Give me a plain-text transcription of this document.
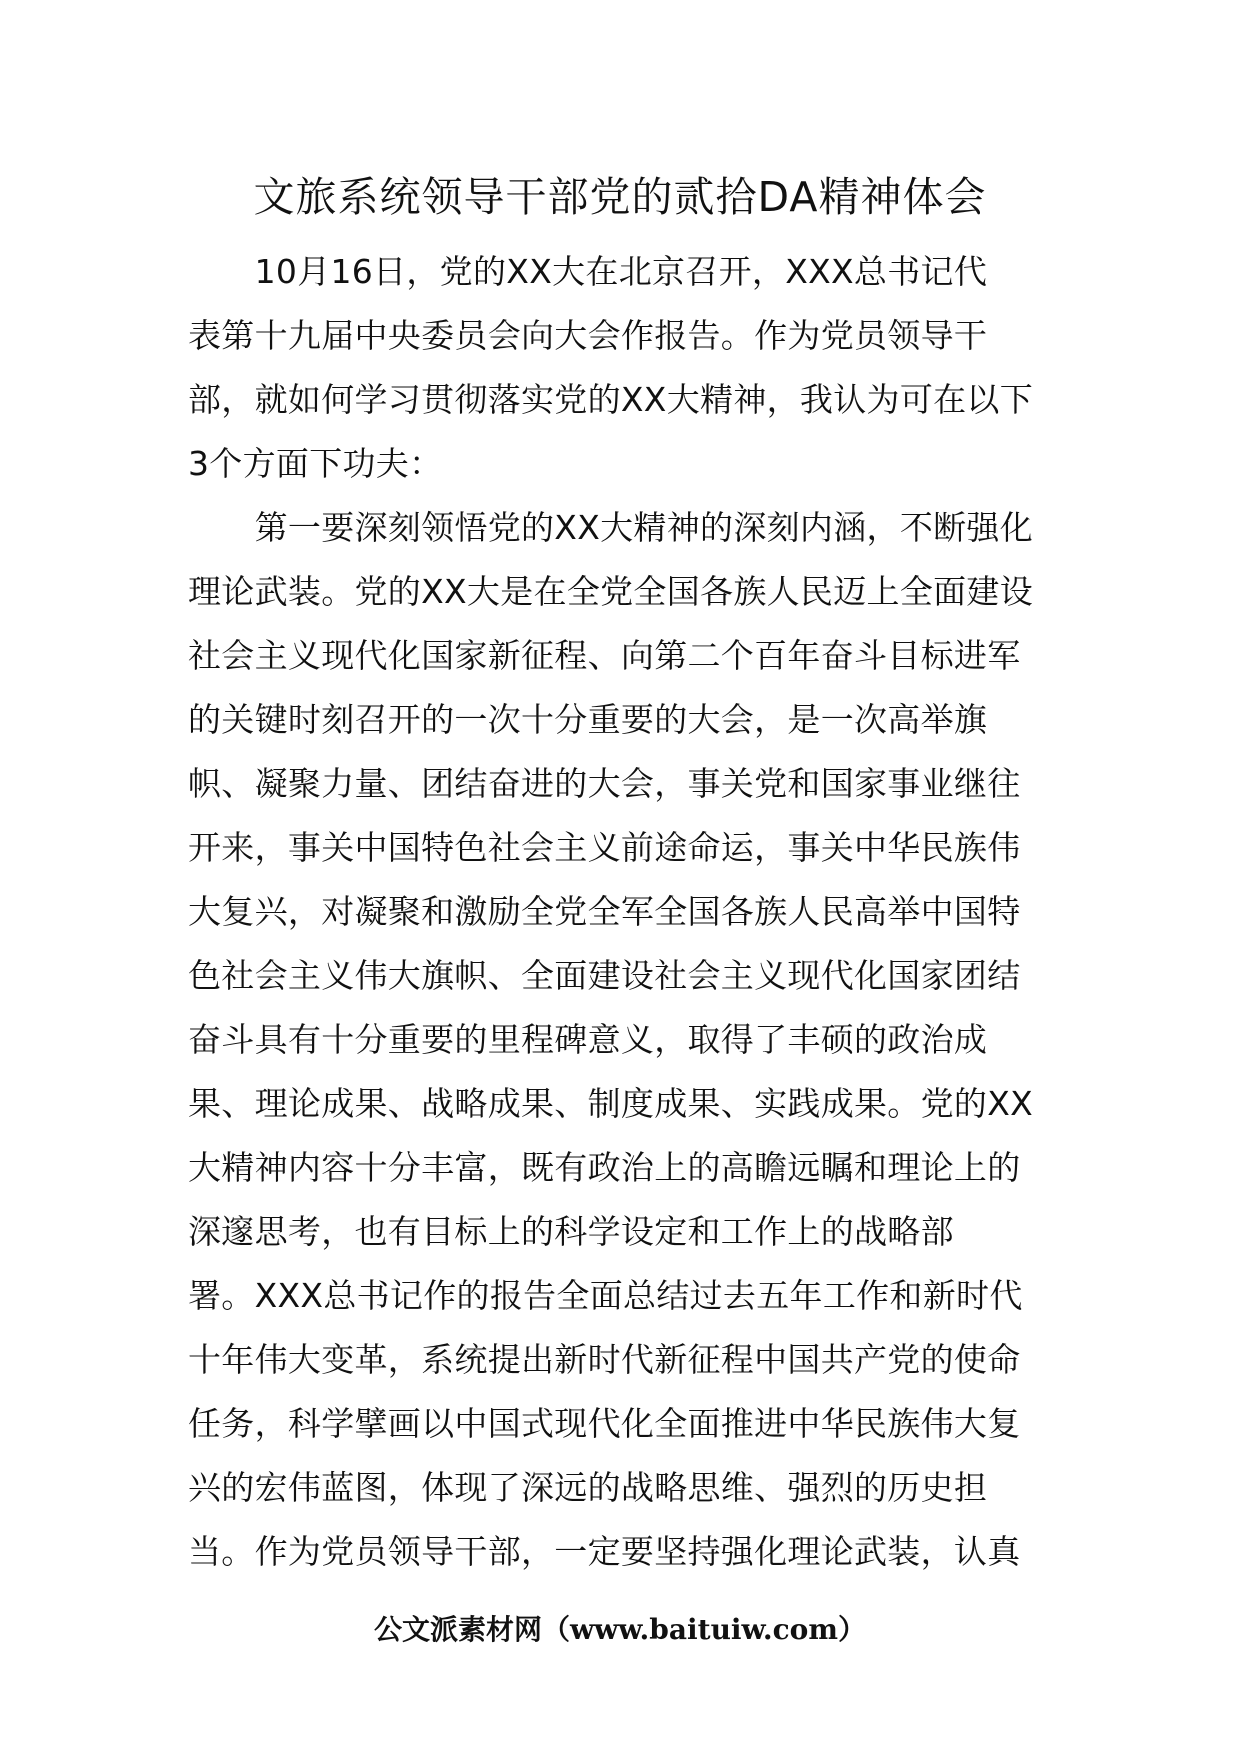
文旅系统领导干部党的贰拾DA精神体会
　　10月16日，党的XX大在北京召开，XXX总书记代
表第十九届中央委员会向大会作报告。作为党员领导干
部，就如何学习贯彻落实党的XX大精神，我认为可在以下
3个方面下功夫：
　　第一要深刻领悟党的XX大精神的深刻内涵，不断强化
理论武装。党的XX大是在全党全国各族人民迈上全面建设
社会主义现代化国家新征程、向第二个百年奋斗目标进军
的关键时刻召开的一次十分重要的大会，是一次高举旗
帜、凝聚力量、团结奋进的大会，事关党和国家事业继往
开来，事关中国特色社会主义前途命运，事关中华民族伟
大复兴，对凝聚和激励全党全军全国各族人民高举中国特
色社会主义伟大旗帜、全面建设社会主义现代化国家团结
奋斗具有十分重要的里程碑意义，取得了丰硕的政治成
果、理论成果、战略成果、制度成果、实践成果。党的XX
大精神内容十分丰富，既有政治上的高瞻远瞩和理论上的
深邃思考，也有目标上的科学设定和工作上的战略部
署。XXX总书记作的报告全面总结过去五年工作和新时代
十年伟大变革，系统提出新时代新征程中国共产党的使命
任务，科学擘画以中国式现代化全面推进中华民族伟大复
兴的宏伟蓝图，体现了深远的战略思维、强烈的历史担
当。作为党员领导干部，一定要坚持强化理论武装，认真
公文派素材网（www.baituiw.com）
